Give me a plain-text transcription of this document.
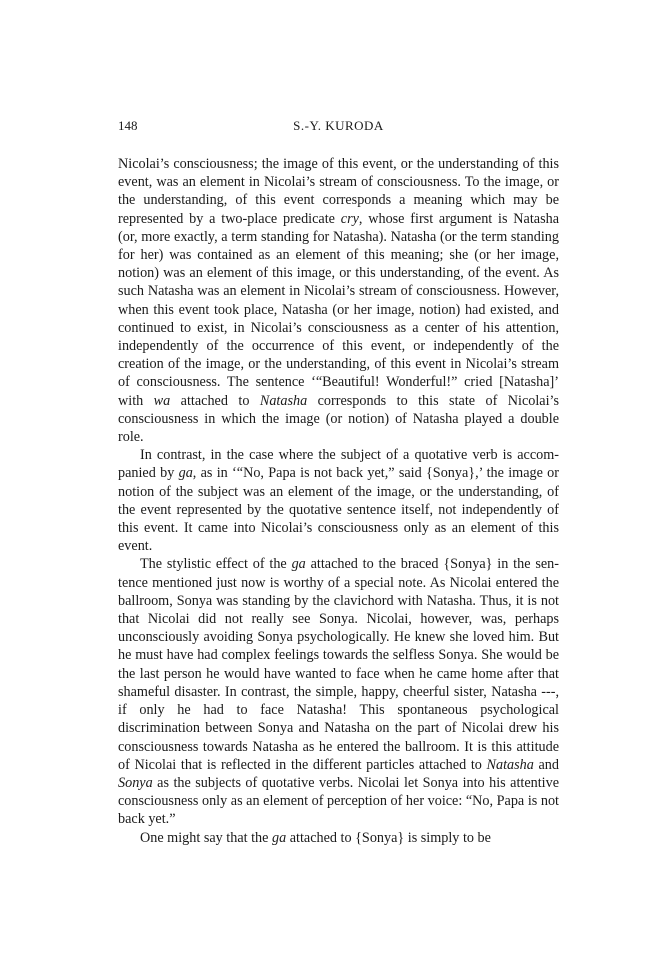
148	S.-Y. KURODA

Nicolai’s consciousness; the image of this event, or the understanding of this event, was an element in Nicolai’s stream of consciousness. To the image, or the understanding, of this event corresponds a meaning which may be represented by a two-place predicate cry, whose first argument is Natasha (or, more exactly, a term standing for Natasha). Natasha (or the term standing for her) was contained as an element of this meaning; she (or her image, notion) was an element of this image, or this understanding, of the event. As such Natasha was an element in Nicolai’s stream of consciousness. However, when this event took place, Natasha (or her image, notion) had existed, and continued to exist, in Nicolai’s consciousness as a center of his attention, independently of the occurrence of this event, or independently of the creation of the image, or the understanding, of this event in Nicolai’s stream of consciousness. The sentence ‘“Beautiful! Wonderful!” cried [Natasha]’ with wa attached to Natasha corresponds to this state of Nicolai’s consciousness in which the image (or notion) of Natasha played a double role.

In contrast, in the case where the subject of a quotative verb is accompanied by ga, as in ‘“No, Papa is not back yet,” said {Sonya},’ the image or notion of the subject was an element of the image, or the understanding, of the event represented by the quotative sentence itself, not independently of this event. It came into Nicolai’s consciousness only as an element of this event.

The stylistic effect of the ga attached to the braced {Sonya} in the sentence mentioned just now is worthy of a special note. As Nicolai entered the ballroom, Sonya was standing by the clavichord with Natasha. Thus, it is not that Nicolai did not really see Sonya. Nicolai, however, was, perhaps unconsciously avoiding Sonya psychologically. He knew she loved him. But he must have had complex feelings towards the selfless Sonya. She would be the last person he would have wanted to face when he came home after that shameful disaster. In contrast, the simple, happy, cheerful sister, Natasha ---, if only he had to face Natasha! This spontaneous psychological discrimination between Sonya and Natasha on the part of Nicolai drew his consciousness towards Natasha as he entered the ballroom. It is this attitude of Nicolai that is reflected in the different particles attached to Natasha and Sonya as the subjects of quotative verbs. Nicolai let Sonya into his attentive consciousness only as an element of perception of her voice: “No, Papa is not back yet.”

One might say that the ga attached to {Sonya} is simply to be
